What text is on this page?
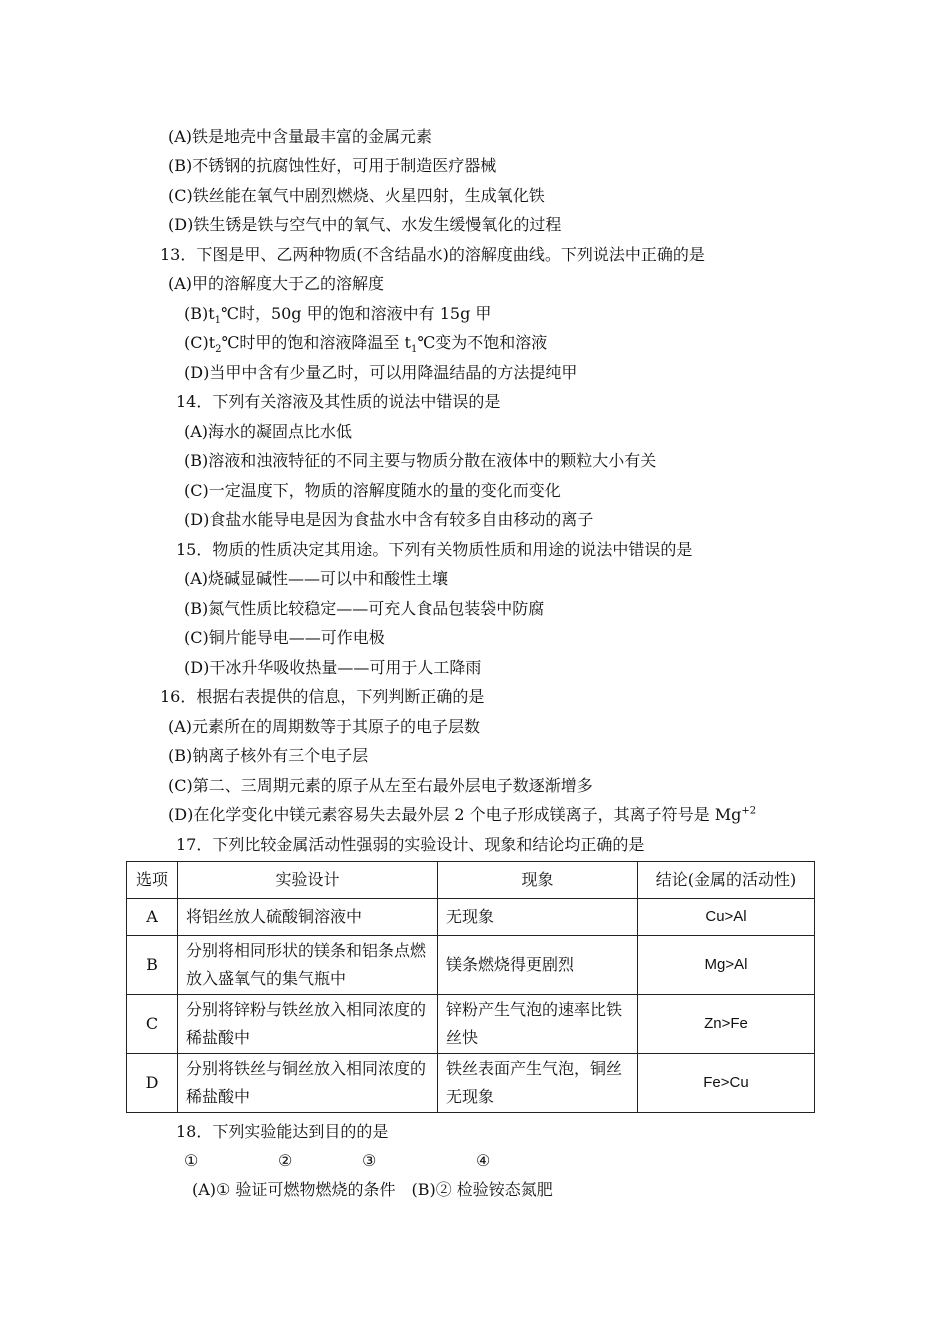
(A)铁是地壳中含量最丰富的金属元素
(B)不锈钢的抗腐蚀性好，可用于制造医疗器械
(C)铁丝能在氧气中剧烈燃烧、火星四射，生成氧化铁
(D)铁生锈是铁与空气中的氧气、水发生缓慢氧化的过程
13．下图是甲、乙两种物质(不含结晶水)的溶解度曲线。下列说法中正确的是
(A)甲的溶解度大于乙的溶解度
$(B)t_1℃$时，50g 甲的饱和溶液中有 15g 甲
$(C)t_2℃$时甲的饱和溶液降温至 $t_1℃$变为不饱和溶液
(D)当甲中含有少量乙时，可以用降温结晶的方法提纯甲
14．下列有关溶液及其性质的说法中错误的是
(A)海水的凝固点比水低
(B)溶液和浊液特征的不同主要与物质分散在液体中的颗粒大小有关
(C)一定温度下，物质的溶解度随水的量的变化而变化
(D)食盐水能导电是因为食盐水中含有较多自由移动的离子
15．物质的性质决定其用途。下列有关物质性质和用途的说法中错误的是
(A)烧碱显碱性——可以中和酸性土壤
(B)氮气性质比较稳定——可充人食品包装袋中防腐
(C)铜片能导电——可作电极
(D)干冰升华吸收热量——可用于人工降雨
16．根据右表提供的信息，下列判断正确的是
(A)元素所在的周期数等于其原子的电子层数
(B)钠离子核外有三个电子层
(C)第二、三周期元素的原子从左至右最外层电子数逐渐增多
(D)在化学变化中镁元素容易失去最外层 2 个电子形成镁离子，其离子符号是 $Mg^{+2}$
17．下列比较金属活动性强弱的实验设计、现象和结论均正确的是
选项	实验设计	现象	结论(金属的活动性)
A	将铝丝放人硫酸铜溶液中	无现象	Cu>Al
B	分别将相同形状的镁条和铝条点燃放入盛氧气的集气瓶中	镁条燃烧得更剧烈	Mg>Al
C	分别将锌粉与铁丝放入相同浓度的稀盐酸中	锌粉产生气泡的速率比铁丝快	Zn>Fe
D	分别将铁丝与铜丝放入相同浓度的稀盐酸中	铁丝表面产生气泡，铜丝无现象	Fe>Cu
18．下列实验能达到目的的是
①	②	③	④
(A)① 验证可燃物燃烧的条件　(B)② 检验铵态氮肥
